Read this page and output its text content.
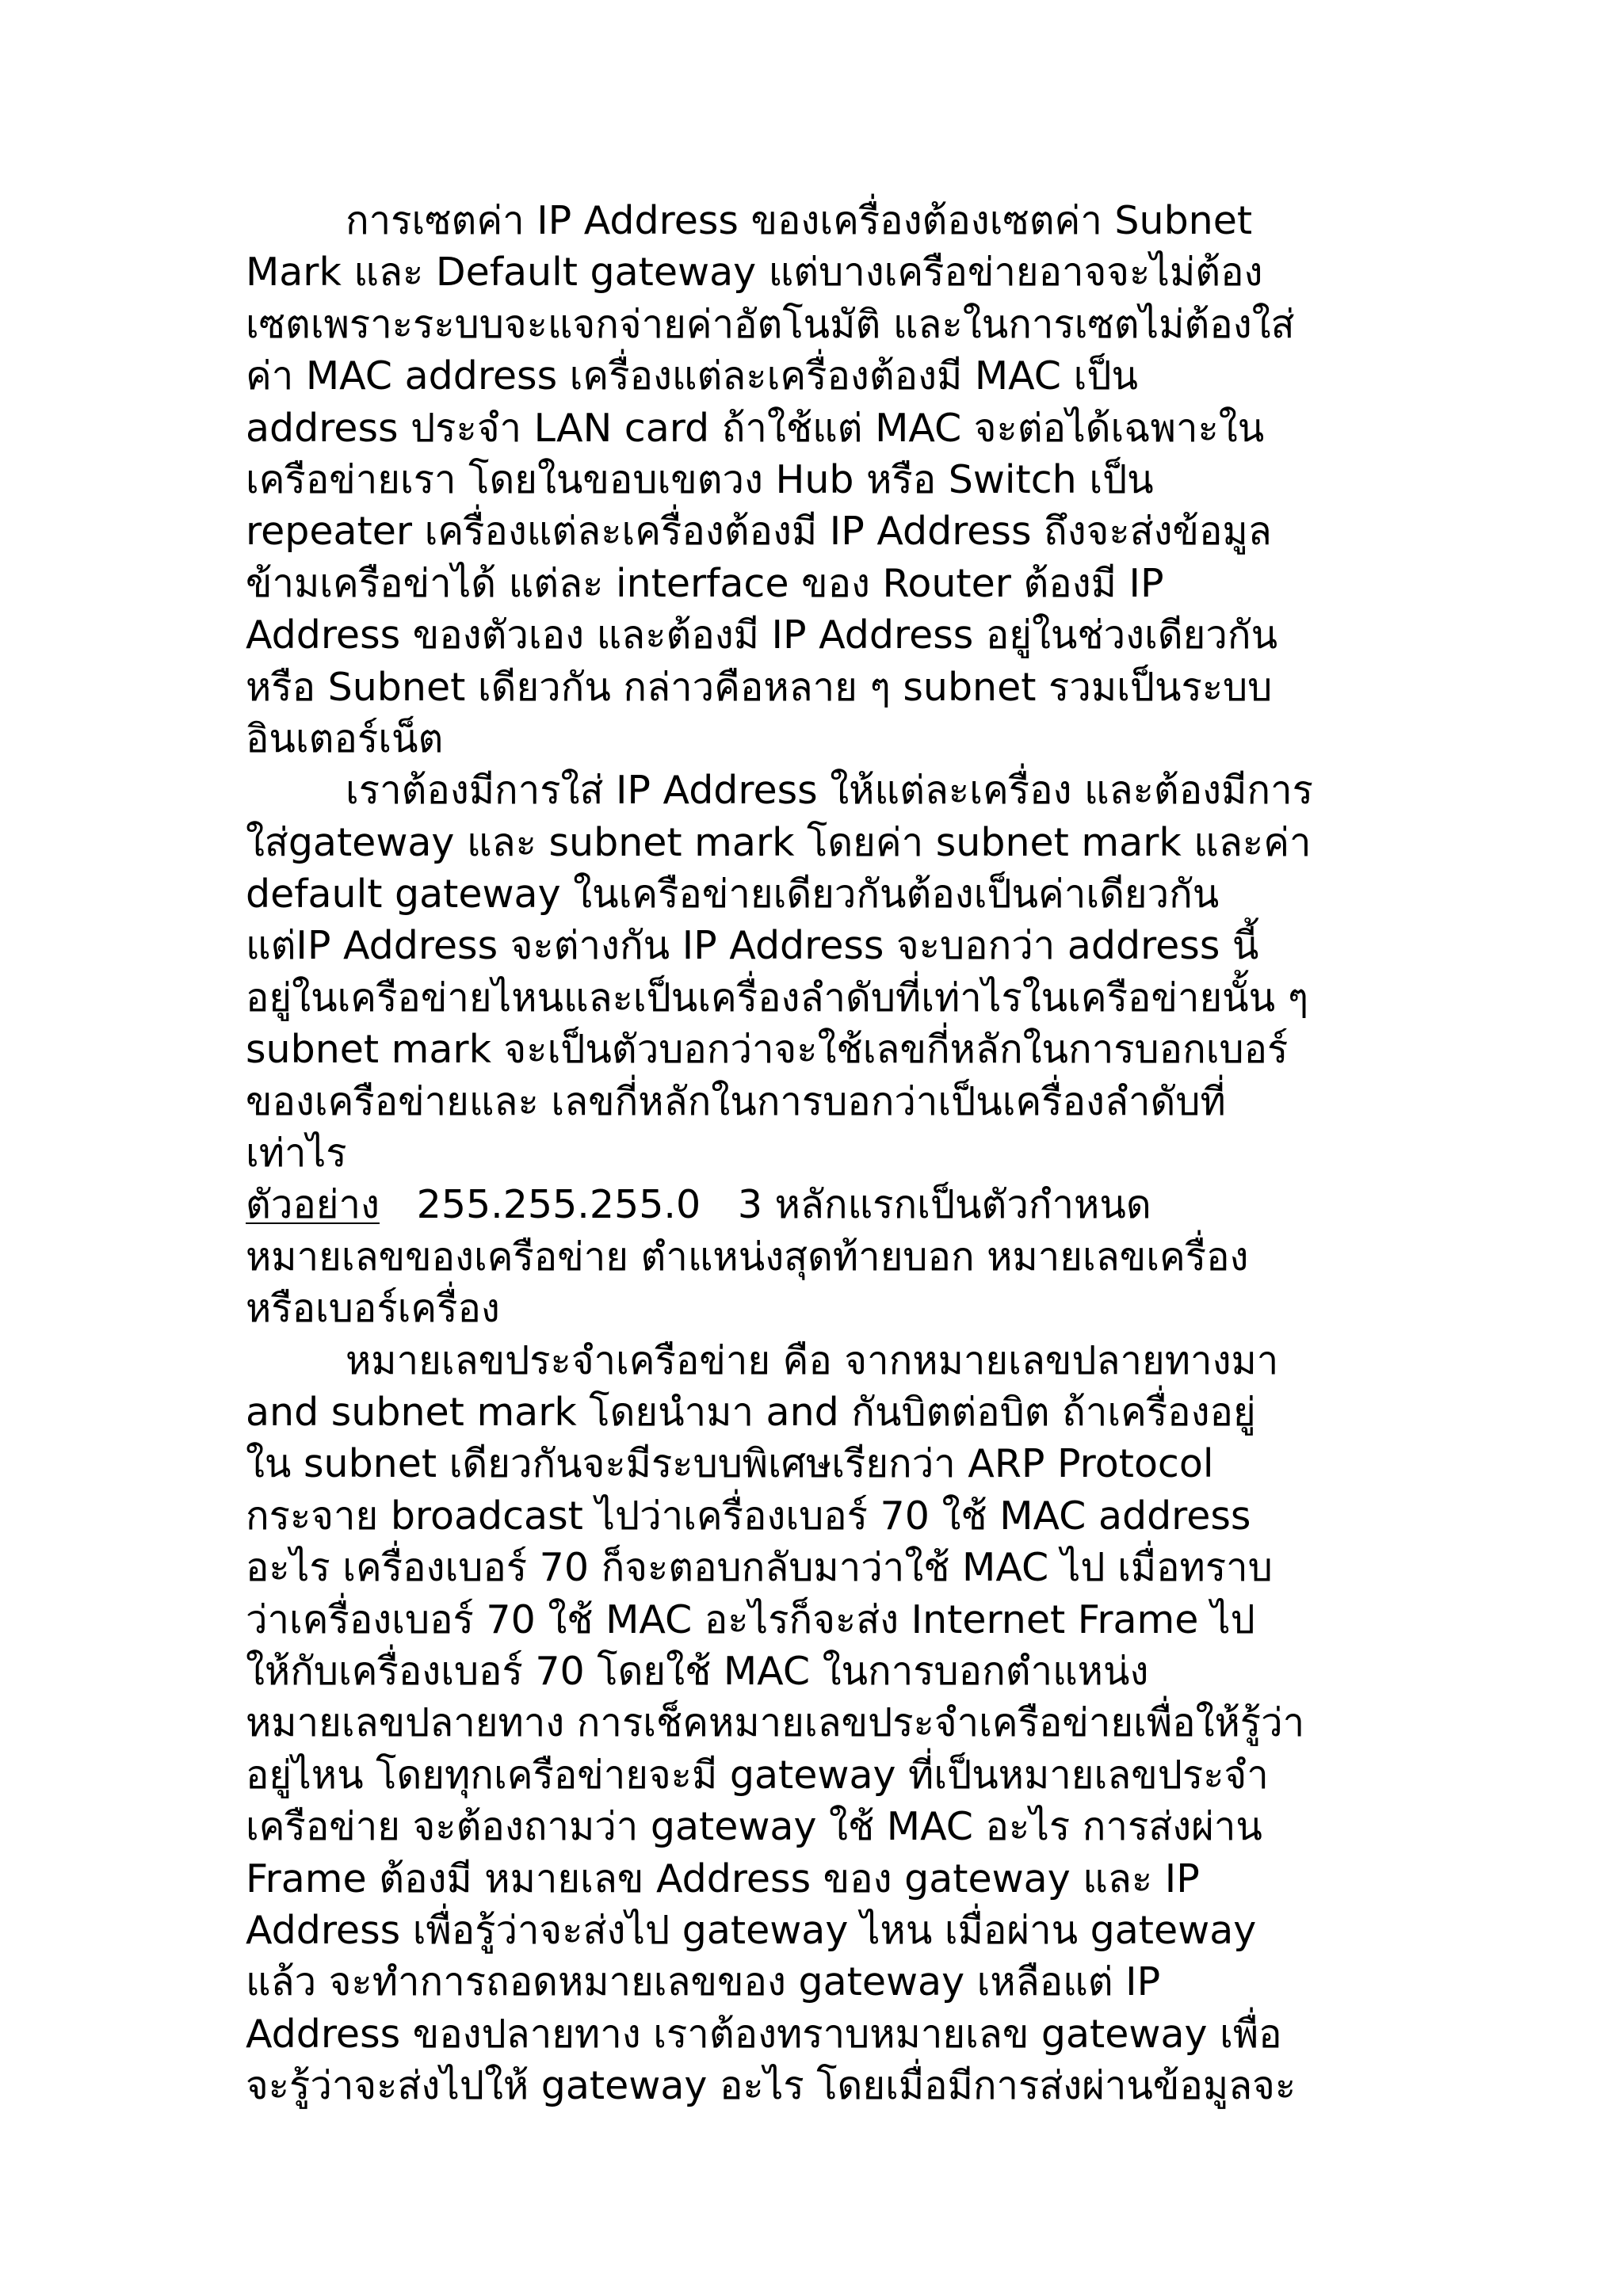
การเซตค่า IP Address ของเครื่องต้องเซตค่า Subnet
Mark และ Default gateway แต่บางเครือข่ายอาจจะไม่ต้อง
เซตเพราะระบบจะแจกจ่ายค่าอัตโนมัติ และในการเซตไม่ต้องใส่
ค่า MAC address เครื่องแต่ละเครื่องต้องมี MAC เป็น
address ประจำ LAN card ถ้าใช้แต่ MAC จะต่อได้เฉพาะใน
เครือข่ายเรา โดยในขอบเขตวง Hub หรือ Switch เป็น
repeater เครื่องแต่ละเครื่องต้องมี IP Address ถึงจะส่งข้อมูล
ข้ามเครือข่าได้ แต่ละ interface ของ Router ต้องมี IP
Address ของตัวเอง และต้องมี IP Address อยู่ในช่วงเดียวกัน
หรือ Subnet เดียวกัน กล่าวคือหลาย ๆ subnet รวมเป็นระบบ
อินเตอร์เน็ต
เราต้องมีการใส่ IP Address ให้แต่ละเครื่อง และต้องมีการ
ใส่gateway และ subnet mark โดยค่า subnet mark และค่า
default gateway ในเครือข่ายเดียวกันต้องเป็นค่าเดียวกัน
แต่IP Address จะต่างกัน IP Address จะบอกว่า address นี้
อยู่ในเครือข่ายไหนและเป็นเครื่องลำดับที่เท่าไรในเครือข่ายนั้น ๆ
subnet mark จะเป็นตัวบอกว่าจะใช้เลขกี่หลักในการบอกเบอร์
ของเครือข่ายและ เลขกี่หลักในการบอกว่าเป็นเครื่องลำดับที่
เท่าไร
ตัวอย่าง   255.255.255.0   3 หลักแรกเป็นตัวกำหนด
หมายเลขของเครือข่าย ตำแหน่งสุดท้ายบอก หมายเลขเครื่อง
หรือเบอร์เครื่อง
หมายเลขประจำเครือข่าย คือ จากหมายเลขปลายทางมา
and subnet mark โดยนำมา and กันบิตต่อบิต ถ้าเครื่องอยู่
ใน subnet เดียวกันจะมีระบบพิเศษเรียกว่า ARP Protocol
กระจาย broadcast ไปว่าเครื่องเบอร์ 70 ใช้ MAC address
อะไร เครื่องเบอร์ 70 ก็จะตอบกลับมาว่าใช้ MAC ไป เมื่อทราบ
ว่าเครื่องเบอร์ 70 ใช้ MAC อะไรก็จะส่ง Internet Frame ไป
ให้กับเครื่องเบอร์ 70 โดยใช้ MAC ในการบอกตำแหน่ง
หมายเลขปลายทาง การเช็คหมายเลขประจำเครือข่ายเพื่อให้รู้ว่า
อยู่ไหน โดยทุกเครือข่ายจะมี gateway ที่เป็นหมายเลขประจำ
เครือข่าย จะต้องถามว่า gateway ใช้ MAC อะไร การส่งผ่าน
Frame ต้องมี หมายเลข Address ของ gateway และ IP
Address เพื่อรู้ว่าจะส่งไป gateway ไหน เมื่อผ่าน gateway
แล้ว จะทำการถอดหมายเลขของ gateway เหลือแต่ IP
Address ของปลายทาง เราต้องทราบหมายเลข gateway เพื่อ
จะรู้ว่าจะส่งไปให้ gateway อะไร โดยเมื่อมีการส่งผ่านข้อมูลจะ
